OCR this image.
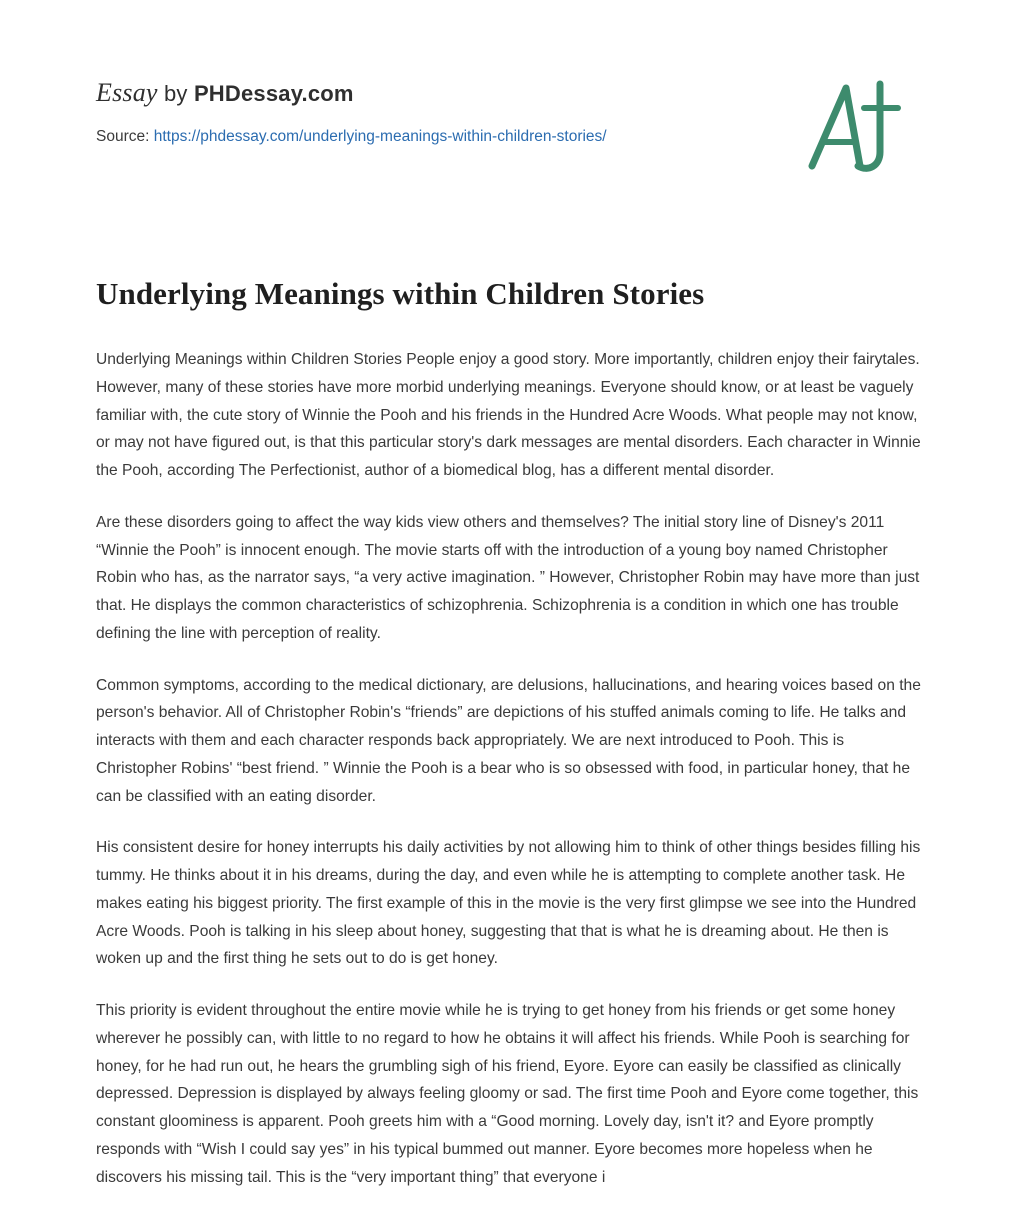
Essay by PHDessay.com
Source: https://phdessay.com/underlying-meanings-within-children-stories/
Underlying Meanings within Children Stories

Underlying Meanings within Children Stories People enjoy a good story. More importantly, children enjoy their fairytales. However, many of these stories have more morbid underlying meanings. Everyone should know, or at least be vaguely familiar with, the cute story of Winnie the Pooh and his friends in the Hundred Acre Woods. What people may not know, or may not have figured out, is that this particular story's dark messages are mental disorders. Each character in Winnie the Pooh, according The Perfectionist, author of a biomedical blog, has a different mental disorder.

Are these disorders going to affect the way kids view others and themselves? The initial story line of Disney's 2011 “Winnie the Pooh” is innocent enough. The movie starts off with the introduction of a young boy named Christopher Robin who has, as the narrator says, “a very active imagination. ” However, Christopher Robin may have more than just that. He displays the common characteristics of schizophrenia. Schizophrenia is a condition in which one has trouble defining the line with perception of reality.

Common symptoms, according to the medical dictionary, are delusions, hallucinations, and hearing voices based on the person's behavior. All of Christopher Robin's “friends” are depictions of his stuffed animals coming to life. He talks and interacts with them and each character responds back appropriately. We are next introduced to Pooh. This is Christopher Robins' “best friend. ” Winnie the Pooh is a bear who is so obsessed with food, in particular honey, that he can be classified with an eating disorder.

His consistent desire for honey interrupts his daily activities by not allowing him to think of other things besides filling his tummy. He thinks about it in his dreams, during the day, and even while he is attempting to complete another task. He makes eating his biggest priority. The first example of this in the movie is the very first glimpse we see into the Hundred Acre Woods. Pooh is talking in his sleep about honey, suggesting that that is what he is dreaming about. He then is woken up and the first thing he sets out to do is get honey.

This priority is evident throughout the entire movie while he is trying to get honey from his friends or get some honey wherever he possibly can, with little to no regard to how he obtains it will affect his friends. While Pooh is searching for honey, for he had run out, he hears the grumbling sigh of his friend, Eyore. Eyore can easily be classified as clinically depressed. Depression is displayed by always feeling gloomy or sad. The first time Pooh and Eyore come together, this constant gloominess is apparent. Pooh greets him with a “Good morning. Lovely day, isn't it? and Eyore promptly responds with “Wish I could say yes” in his typical bummed out manner. Eyore becomes more hopeless when he discovers his missing tail. This is the “very important thing” that everyone i
